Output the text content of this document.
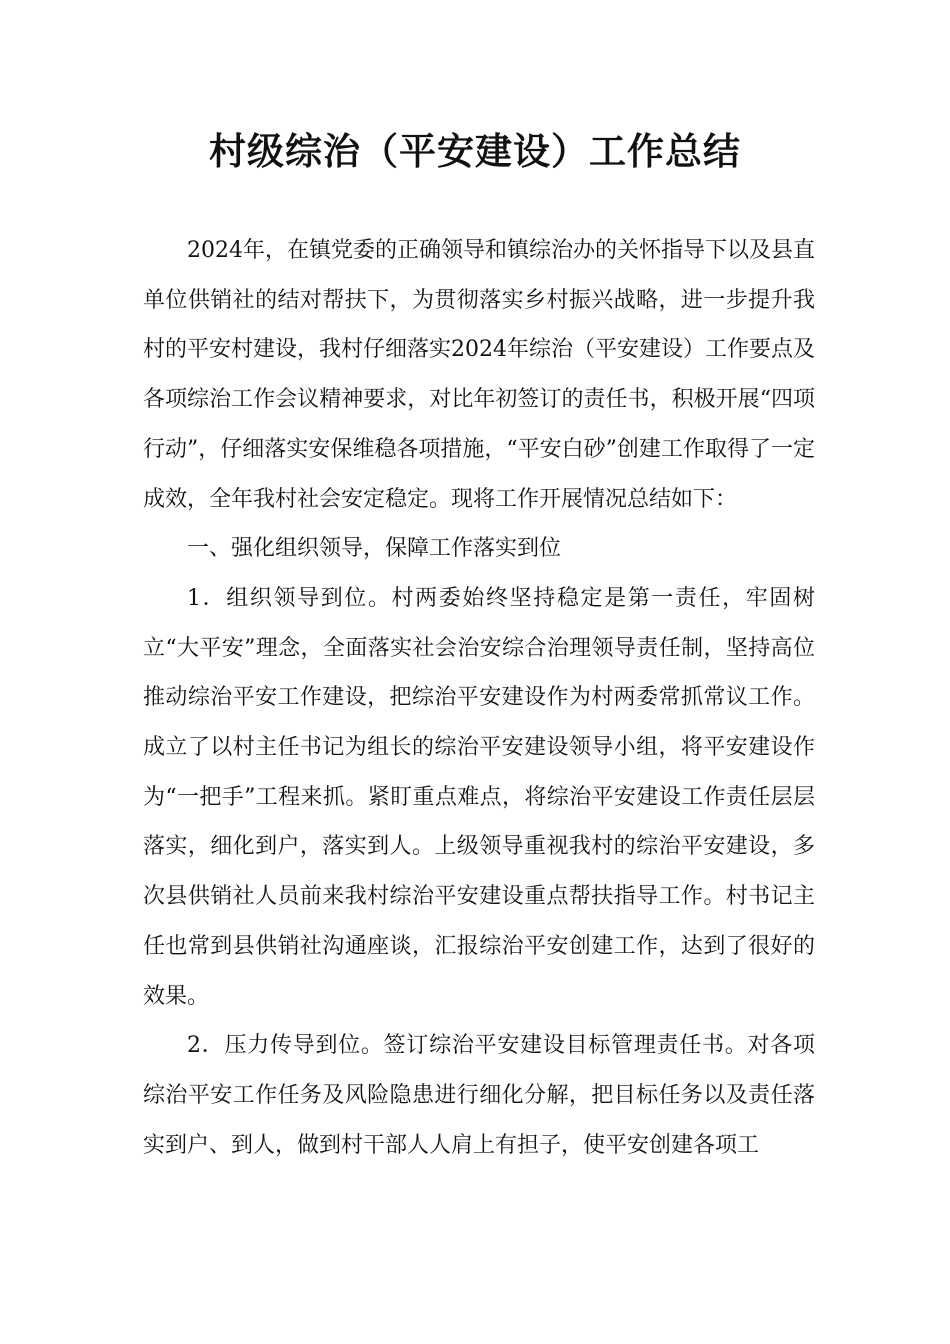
村级综治（平安建设）工作总结

2024年，在镇党委的正确领导和镇综治办的关怀指导下以及县直单位供销社的结对帮扶下，为贯彻落实乡村振兴战略，进一步提升我村的平安村建设，我村仔细落实2024年综治（平安建设）工作要点及各项综治工作会议精神要求，对比年初签订的责任书，积极开展“四项行动”，仔细落实安保维稳各项措施，“平安白砂”创建工作取得了一定成效，全年我村社会安定稳定。现将工作开展情况总结如下：

一、强化组织领导，保障工作落实到位

1．组织领导到位。村两委始终坚持稳定是第一责任，牢固树立“大平安”理念，全面落实社会治安综合治理领导责任制，坚持高位推动综治平安工作建设，把综治平安建设作为村两委常抓常议工作。成立了以村主任书记为组长的综治平安建设领导小组，将平安建设作为“一把手”工程来抓。紧盯重点难点，将综治平安建设工作责任层层落实，细化到户，落实到人。上级领导重视我村的综治平安建设，多次县供销社人员前来我村综治平安建设重点帮扶指导工作。村书记主任也常到县供销社沟通座谈，汇报综治平安创建工作，达到了很好的效果。

2．压力传导到位。签订综治平安建设目标管理责任书。对各项综治平安工作任务及风险隐患进行细化分解，把目标任务以及责任落实到户、到人，做到村干部人人肩上有担子，使平安创建各项工
